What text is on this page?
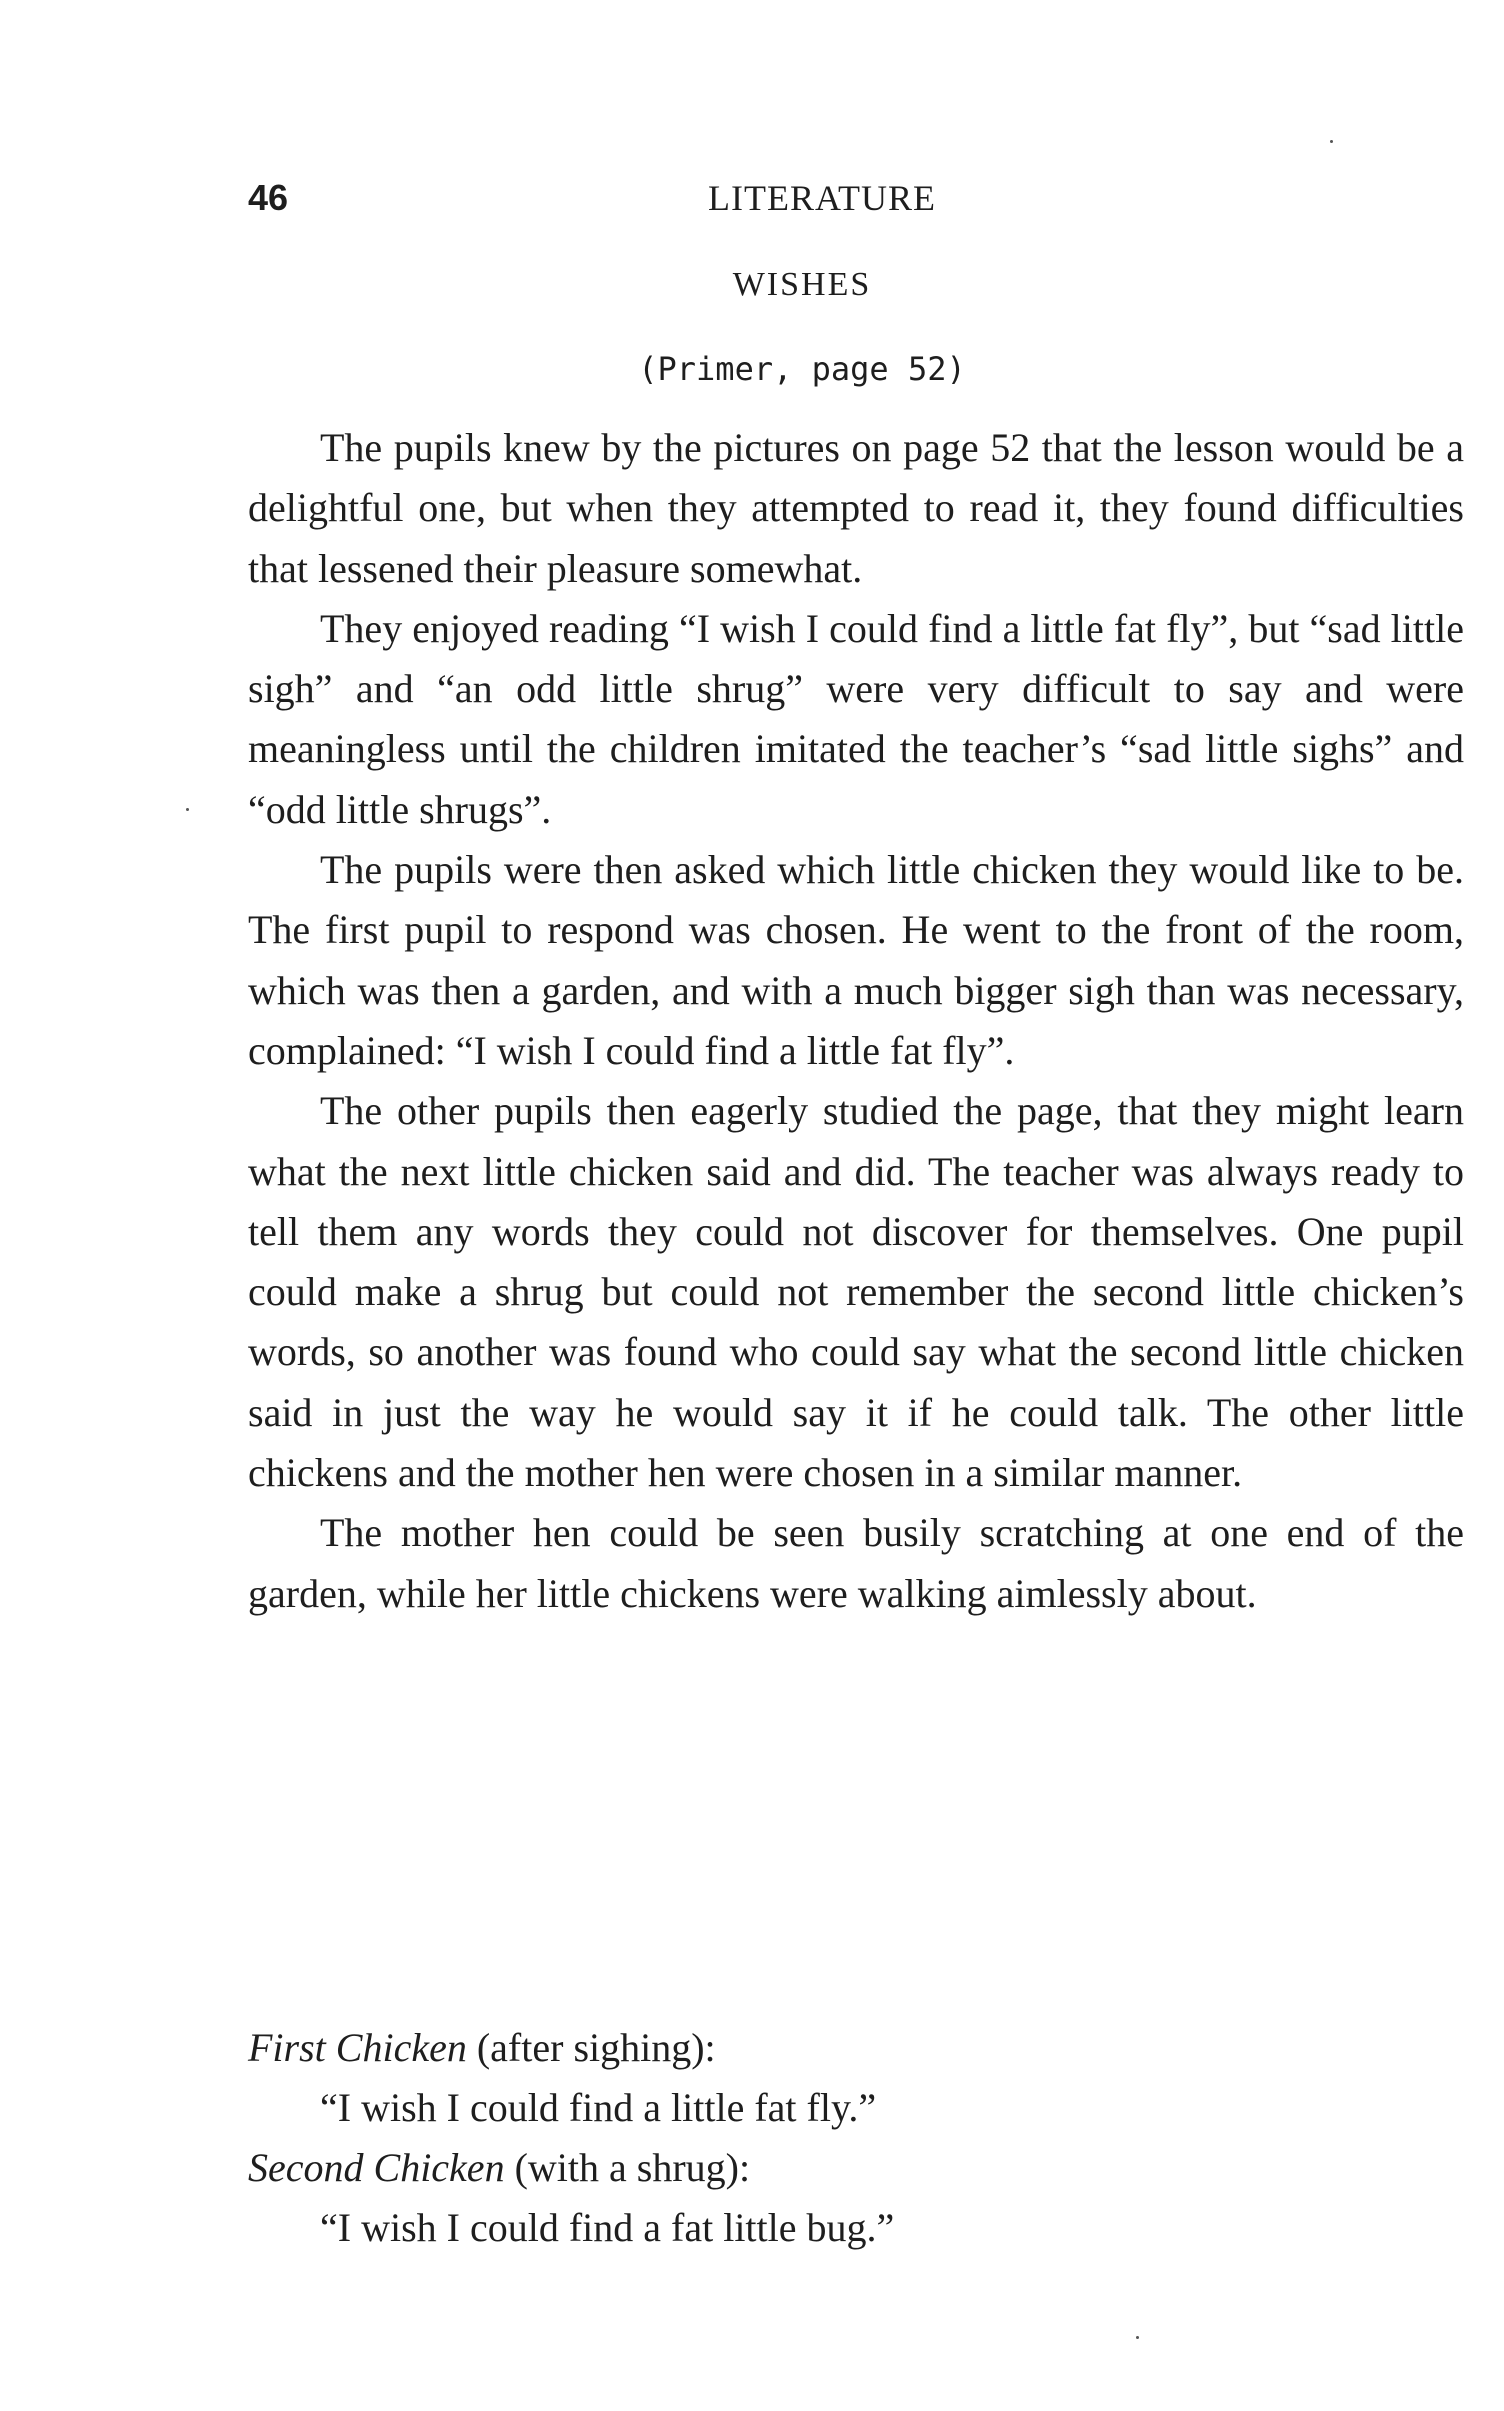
46	LITERATURE
WISHES
(Primer, page 52)

The pupils knew by the pictures on page 52 that the lesson would be a delightful one, but when they attempted to read it, they found difficulties that lessened their pleasure somewhat.

They enjoyed reading “I wish I could find a little fat fly”, but “sad little sigh” and “an odd little shrug” were very difficult to say and were meaningless until the children imitated the teacher’s “sad little sighs” and “odd little shrugs”.

The pupils were then asked which little chicken they would like to be. The first pupil to respond was chosen. He went to the front of the room, which was then a garden, and with a much bigger sigh than was necessary, complained: “I wish I could find a little fat fly”.

The other pupils then eagerly studied the page, that they might learn what the next little chicken said and did. The teacher was always ready to tell them any words they could not discover for themselves. One pupil could make a shrug but could not remember the second little chicken’s words, so another was found who could say what the second little chicken said in just the way he would say it if he could talk. The other little chickens and the mother hen were chosen in a similar manner.

The mother hen could be seen busily scratching at one end of the garden, while her little chickens were walking aimlessly about.

First Chicken (after sighing):

“I wish I could find a little fat fly.”

Second Chicken (with a shrug):

“I wish I could find a fat little bug.”
